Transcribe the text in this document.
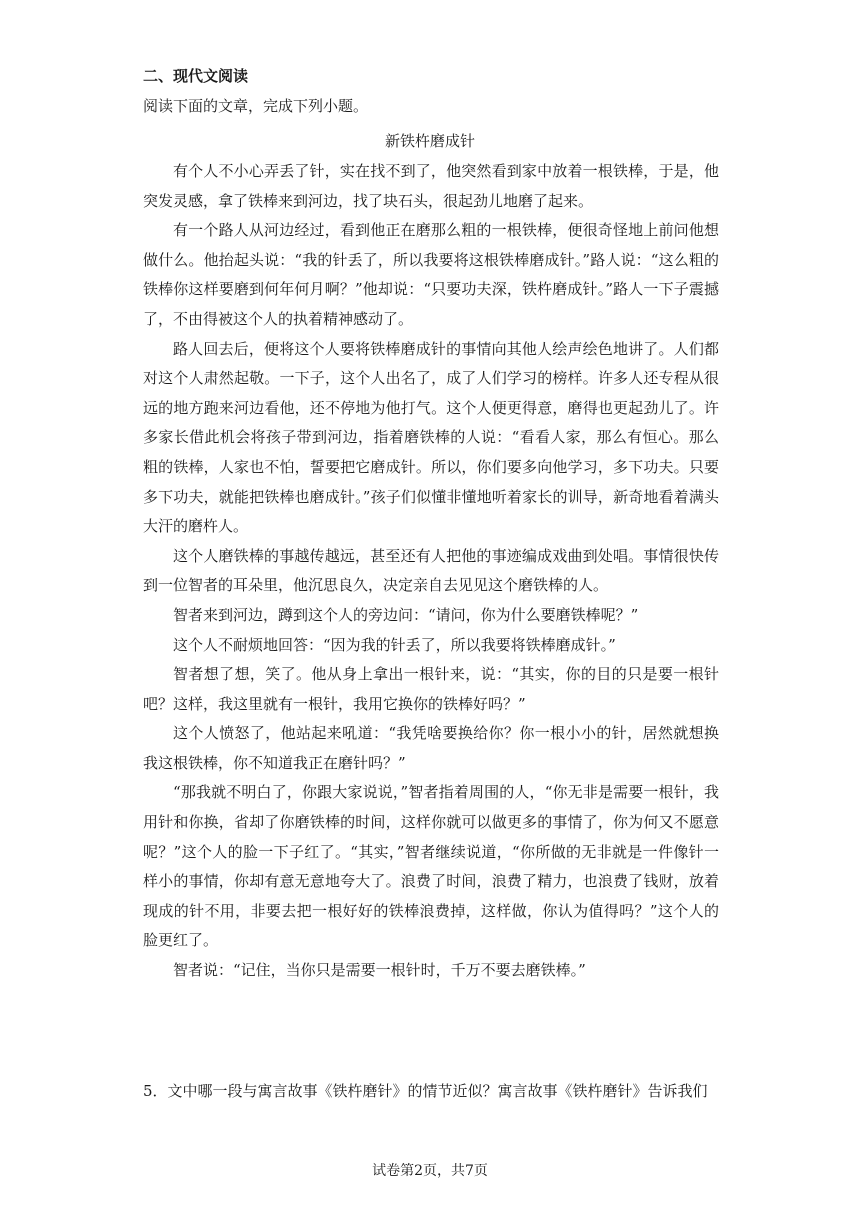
二、现代文阅读
阅读下面的文章，完成下列小题。
新铁杵磨成针

有个人不小心弄丢了针，实在找不到了，他突然看到家中放着一根铁棒，于是，他突发灵感，拿了铁棒来到河边，找了块石头，很起劲儿地磨了起来。

有一个路人从河边经过，看到他正在磨那么粗的一根铁棒，便很奇怪地上前问他想做什么。他抬起头说：“我的针丢了，所以我要将这根铁棒磨成针。”路人说：“这么粗的铁棒你这样要磨到何年何月啊？”他却说：“只要功夫深，铁杵磨成针。”路人一下子震撼了，不由得被这个人的执着精神感动了。

路人回去后，便将这个人要将铁棒磨成针的事情向其他人绘声绘色地讲了。人们都对这个人肃然起敬。一下子，这个人出名了，成了人们学习的榜样。许多人还专程从很远的地方跑来河边看他，还不停地为他打气。这个人便更得意，磨得也更起劲儿了。许多家长借此机会将孩子带到河边，指着磨铁棒的人说：“看看人家，那么有恒心。那么粗的铁棒，人家也不怕，誓要把它磨成针。所以，你们要多向他学习，多下功夫。只要多下功夫，就能把铁棒也磨成针。”孩子们似懂非懂地听着家长的训导，新奇地看着满头大汗的磨杵人。

这个人磨铁棒的事越传越远，甚至还有人把他的事迹编成戏曲到处唱。事情很快传到一位智者的耳朵里，他沉思良久，决定亲自去见见这个磨铁棒的人。

智者来到河边，蹲到这个人的旁边问：“请问，你为什么要磨铁棒呢？”

这个人不耐烦地回答：“因为我的针丢了，所以我要将铁棒磨成针。”

智者想了想，笑了。他从身上拿出一根针来，说：“其实，你的目的只是要一根针吧？这样，我这里就有一根针，我用它换你的铁棒好吗？”

这个人愤怒了，他站起来吼道：“我凭啥要换给你？你一根小小的针，居然就想换我这根铁棒，你不知道我正在磨针吗？”

“那我就不明白了，你跟大家说说，”智者指着周围的人，“你无非是需要一根针，我用针和你换，省却了你磨铁棒的时间，这样你就可以做更多的事情了，你为何又不愿意呢？”这个人的脸一下子红了。“其实，”智者继续说道，“你所做的无非就是一件像针一样小的事情，你却有意无意地夸大了。浪费了时间，浪费了精力，也浪费了钱财，放着现成的针不用，非要去把一根好好的铁棒浪费掉，这样做，你认为值得吗？”这个人的脸更红了。

智者说：“记住，当你只是需要一根针时，千万不要去磨铁棒。”

5．文中哪一段与寓言故事《铁杵磨针》的情节近似？寓言故事《铁杵磨针》告诉我们
试卷第2页，共7页
